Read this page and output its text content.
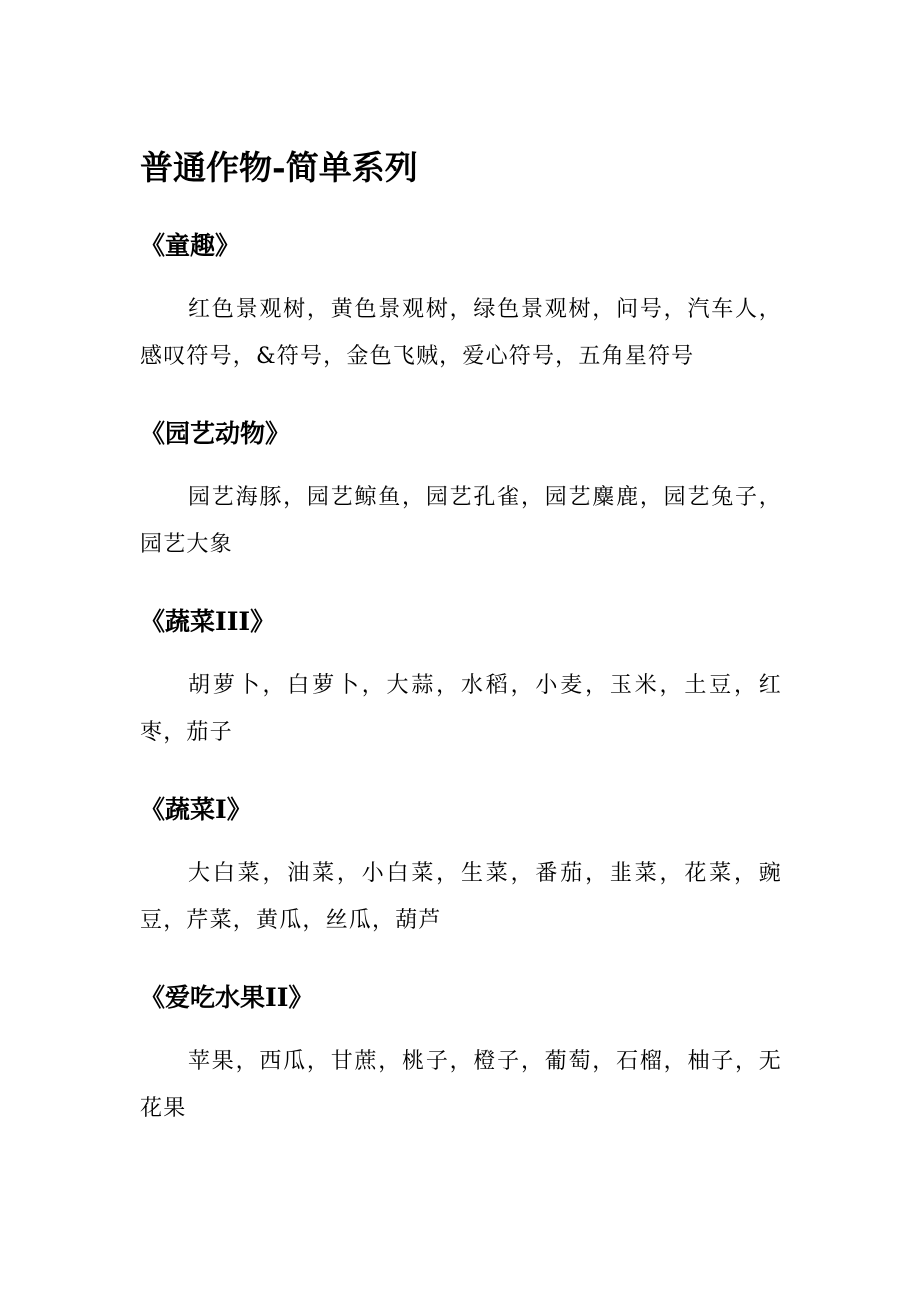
普通作物-简单系列
《童趣》

红色景观树，黄色景观树，绿色景观树，问号，汽车人，感叹符号，&符号，金色飞贼，爱心符号，五角星符号

《园艺动物》

园艺海豚，园艺鲸鱼，园艺孔雀，园艺麋鹿，园艺兔子，园艺大象

《蔬菜III》

胡萝卜，白萝卜，大蒜，水稻，小麦，玉米，土豆，红枣，茄子

《蔬菜Ⅰ》

大白菜，油菜，小白菜，生菜，番茄，韭菜，花菜，豌豆，芹菜，黄瓜，丝瓜，葫芦

《爱吃水果II》

苹果，西瓜，甘蔗，桃子，橙子，葡萄，石榴，柚子，无花果
